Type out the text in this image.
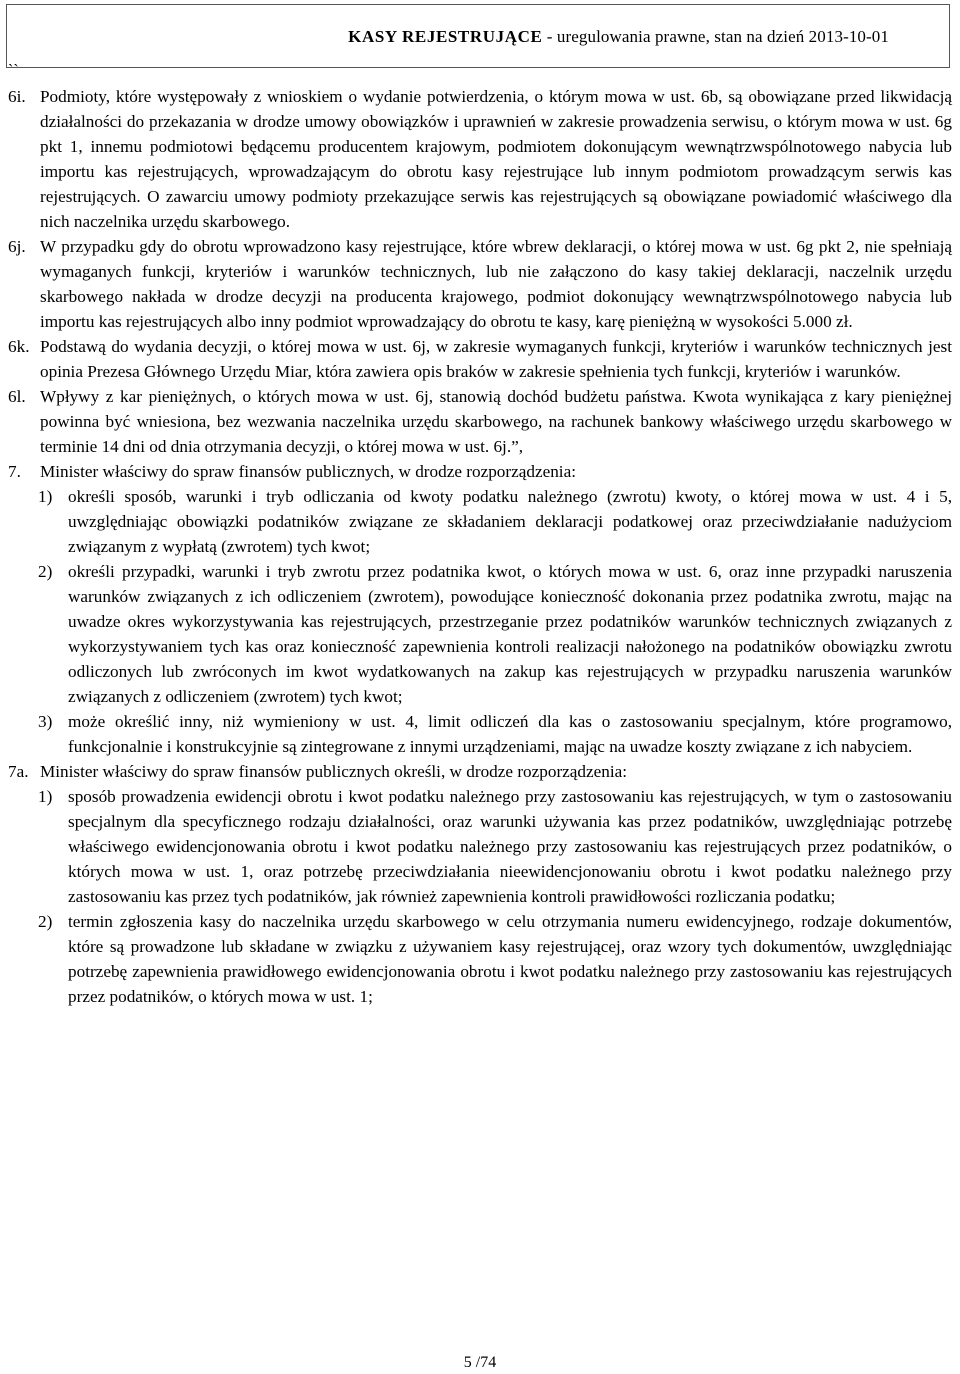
KASY REJESTRUJĄCE - uregulowania prawne, stan na dzień 2013-10-01
``

6i. Podmioty, które występowały z wnioskiem o wydanie potwierdzenia, o którym mowa w ust. 6b, są obowiązane przed likwidacją działalności do przekazania w drodze umowy obowiązków i uprawnień w zakresie prowadzenia serwisu, o którym mowa w ust. 6g pkt 1, innemu podmiotowi będącemu producentem krajowym, podmiotem dokonującym wewnątrzwspólnotowego nabycia lub importu kas rejestrujących, wprowadzającym do obrotu kasy rejestrujące lub innym podmiotom prowadzącym serwis kas rejestrujących. O zawarciu umowy podmioty przekazujące serwis kas rejestrujących są obowiązane powiadomić właściwego dla nich naczelnika urzędu skarbowego.

6j. W przypadku gdy do obrotu wprowadzono kasy rejestrujące, które wbrew deklaracji, o której mowa w ust. 6g pkt 2, nie spełniają wymaganych funkcji, kryteriów i warunków technicznych, lub nie załączono do kasy takiej deklaracji, naczelnik urzędu skarbowego nakłada w drodze decyzji na producenta krajowego, podmiot dokonujący wewnątrzwspólnotowego nabycia lub importu kas rejestrujących albo inny podmiot wprowadzający do obrotu te kasy, karę pieniężną w wysokości 5.000 zł.

6k. Podstawą do wydania decyzji, o której mowa w ust. 6j, w zakresie wymaganych funkcji, kryteriów i warunków technicznych jest opinia Prezesa Głównego Urzędu Miar, która zawiera opis braków w zakresie spełnienia tych funkcji, kryteriów i warunków.

6l. Wpływy z kar pieniężnych, o których mowa w ust. 6j, stanowią dochód budżetu państwa. Kwota wynikająca z kary pieniężnej powinna być wniesiona, bez wezwania naczelnika urzędu skarbowego, na rachunek bankowy właściwego urzędu skarbowego w terminie 14 dni od dnia otrzymania decyzji, o której mowa w ust. 6j.”,

7. Minister właściwy do spraw finansów publicznych, w drodze rozporządzenia:

1) określi sposób, warunki i tryb odliczania od kwoty podatku należnego (zwrotu) kwoty, o której mowa w ust. 4 i 5, uwzględniając obowiązki podatników związane ze składaniem deklaracji podatkowej oraz przeciwdziałanie nadużyciom związanym z wypłatą (zwrotem) tych kwot;

2) określi przypadki, warunki i tryb zwrotu przez podatnika kwot, o których mowa w ust. 6, oraz inne przypadki naruszenia warunków związanych z ich odliczeniem (zwrotem), powodujące konieczność dokonania przez podatnika zwrotu, mając na uwadze okres wykorzystywania kas rejestrujących, przestrzeganie przez podatników warunków technicznych związanych z wykorzystywaniem tych kas oraz konieczność zapewnienia kontroli realizacji nałożonego na podatników obowiązku zwrotu odliczonych lub zwróconych im kwot wydatkowanych na zakup kas rejestrujących w przypadku naruszenia warunków związanych z odliczeniem (zwrotem) tych kwot;

3) może określić inny, niż wymieniony w ust. 4, limit odliczeń dla kas o zastosowaniu specjalnym, które programowo, funkcjonalnie i konstrukcyjnie są zintegrowane z innymi urządzeniami, mając na uwadze koszty związane z ich nabyciem.

7a. Minister właściwy do spraw finansów publicznych określi, w drodze rozporządzenia:

1) sposób prowadzenia ewidencji obrotu i kwot podatku należnego przy zastosowaniu kas rejestrujących, w tym o zastosowaniu specjalnym dla specyficznego rodzaju działalności, oraz warunki używania kas przez podatników, uwzględniając potrzebę właściwego ewidencjonowania obrotu i kwot podatku należnego przy zastosowaniu kas rejestrujących przez podatników, o których mowa w ust. 1, oraz potrzebę przeciwdziałania nieewidencjonowaniu obrotu i kwot podatku należnego przy zastosowaniu kas przez tych podatników, jak również zapewnienia kontroli prawidłowości rozliczania podatku;

2) termin zgłoszenia kasy do naczelnika urzędu skarbowego w celu otrzymania numeru ewidencyjnego, rodzaje dokumentów, które są prowadzone lub składane w związku z używaniem kasy rejestrującej, oraz wzory tych dokumentów, uwzględniając potrzebę zapewnienia prawidłowego ewidencjonowania obrotu i kwot podatku należnego przy zastosowaniu kas rejestrujących przez podatników, o których mowa w ust. 1;

5 /74
